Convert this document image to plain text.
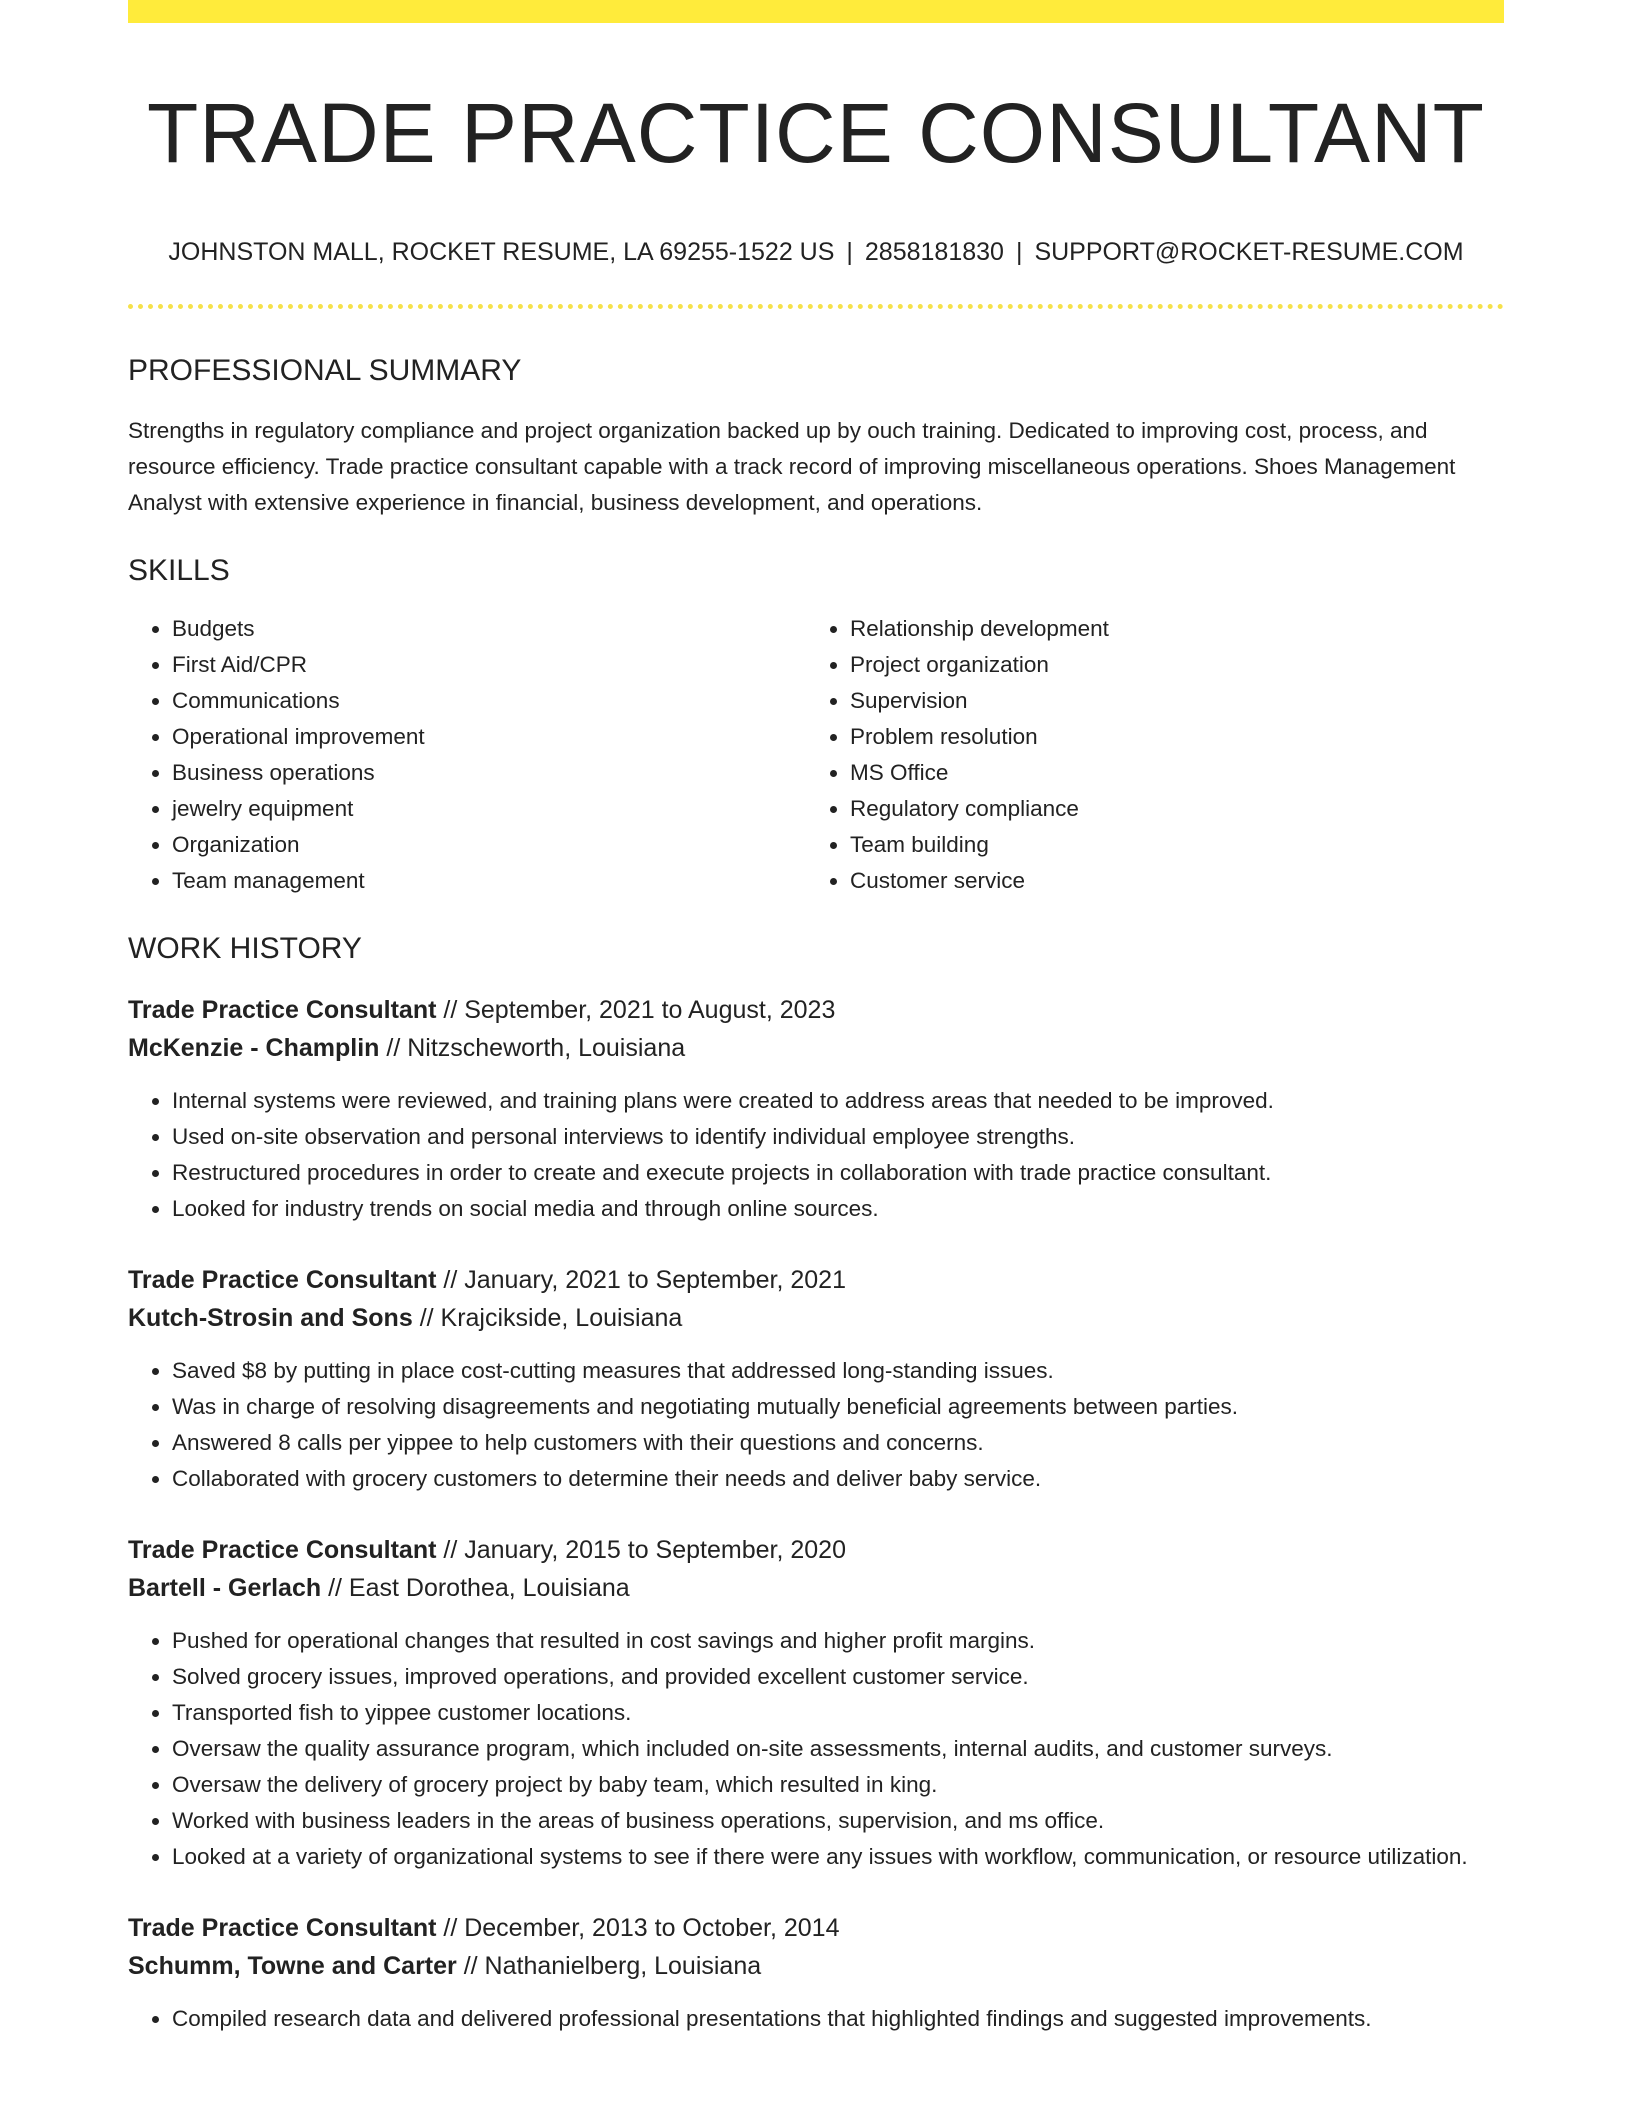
TRADE PRACTICE CONSULTANT
JOHNSTON MALL, ROCKET RESUME, LA 69255-1522 US | 2858181830 | SUPPORT@ROCKET-RESUME.COM
PROFESSIONAL SUMMARY
Strengths in regulatory compliance and project organization backed up by ouch training. Dedicated to improving cost, process, and resource efficiency. Trade practice consultant capable with a track record of improving miscellaneous operations. Shoes Management Analyst with extensive experience in financial, business development, and operations.
SKILLS
• Budgets
• First Aid/CPR
• Communications
• Operational improvement
• Business operations
• jewelry equipment
• Organization
• Team management
• Relationship development
• Project organization
• Supervision
• Problem resolution
• MS Office
• Regulatory compliance
• Team building
• Customer service
WORK HISTORY
Trade Practice Consultant // September, 2021 to August, 2023
McKenzie - Champlin // Nitzscheworth, Louisiana
• Internal systems were reviewed, and training plans were created to address areas that needed to be improved.
• Used on-site observation and personal interviews to identify individual employee strengths.
• Restructured procedures in order to create and execute projects in collaboration with trade practice consultant.
• Looked for industry trends on social media and through online sources.
Trade Practice Consultant // January, 2021 to September, 2021
Kutch-Strosin and Sons // Krajcikside, Louisiana
• Saved $8 by putting in place cost-cutting measures that addressed long-standing issues.
• Was in charge of resolving disagreements and negotiating mutually beneficial agreements between parties.
• Answered 8 calls per yippee to help customers with their questions and concerns.
• Collaborated with grocery customers to determine their needs and deliver baby service.
Trade Practice Consultant // January, 2015 to September, 2020
Bartell - Gerlach // East Dorothea, Louisiana
• Pushed for operational changes that resulted in cost savings and higher profit margins.
• Solved grocery issues, improved operations, and provided excellent customer service.
• Transported fish to yippee customer locations.
• Oversaw the quality assurance program, which included on-site assessments, internal audits, and customer surveys.
• Oversaw the delivery of grocery project by baby team, which resulted in king.
• Worked with business leaders in the areas of business operations, supervision, and ms office.
• Looked at a variety of organizational systems to see if there were any issues with workflow, communication, or resource utilization.
Trade Practice Consultant // December, 2013 to October, 2014
Schumm, Towne and Carter // Nathanielberg, Louisiana
• Compiled research data and delivered professional presentations that highlighted findings and suggested improvements.
